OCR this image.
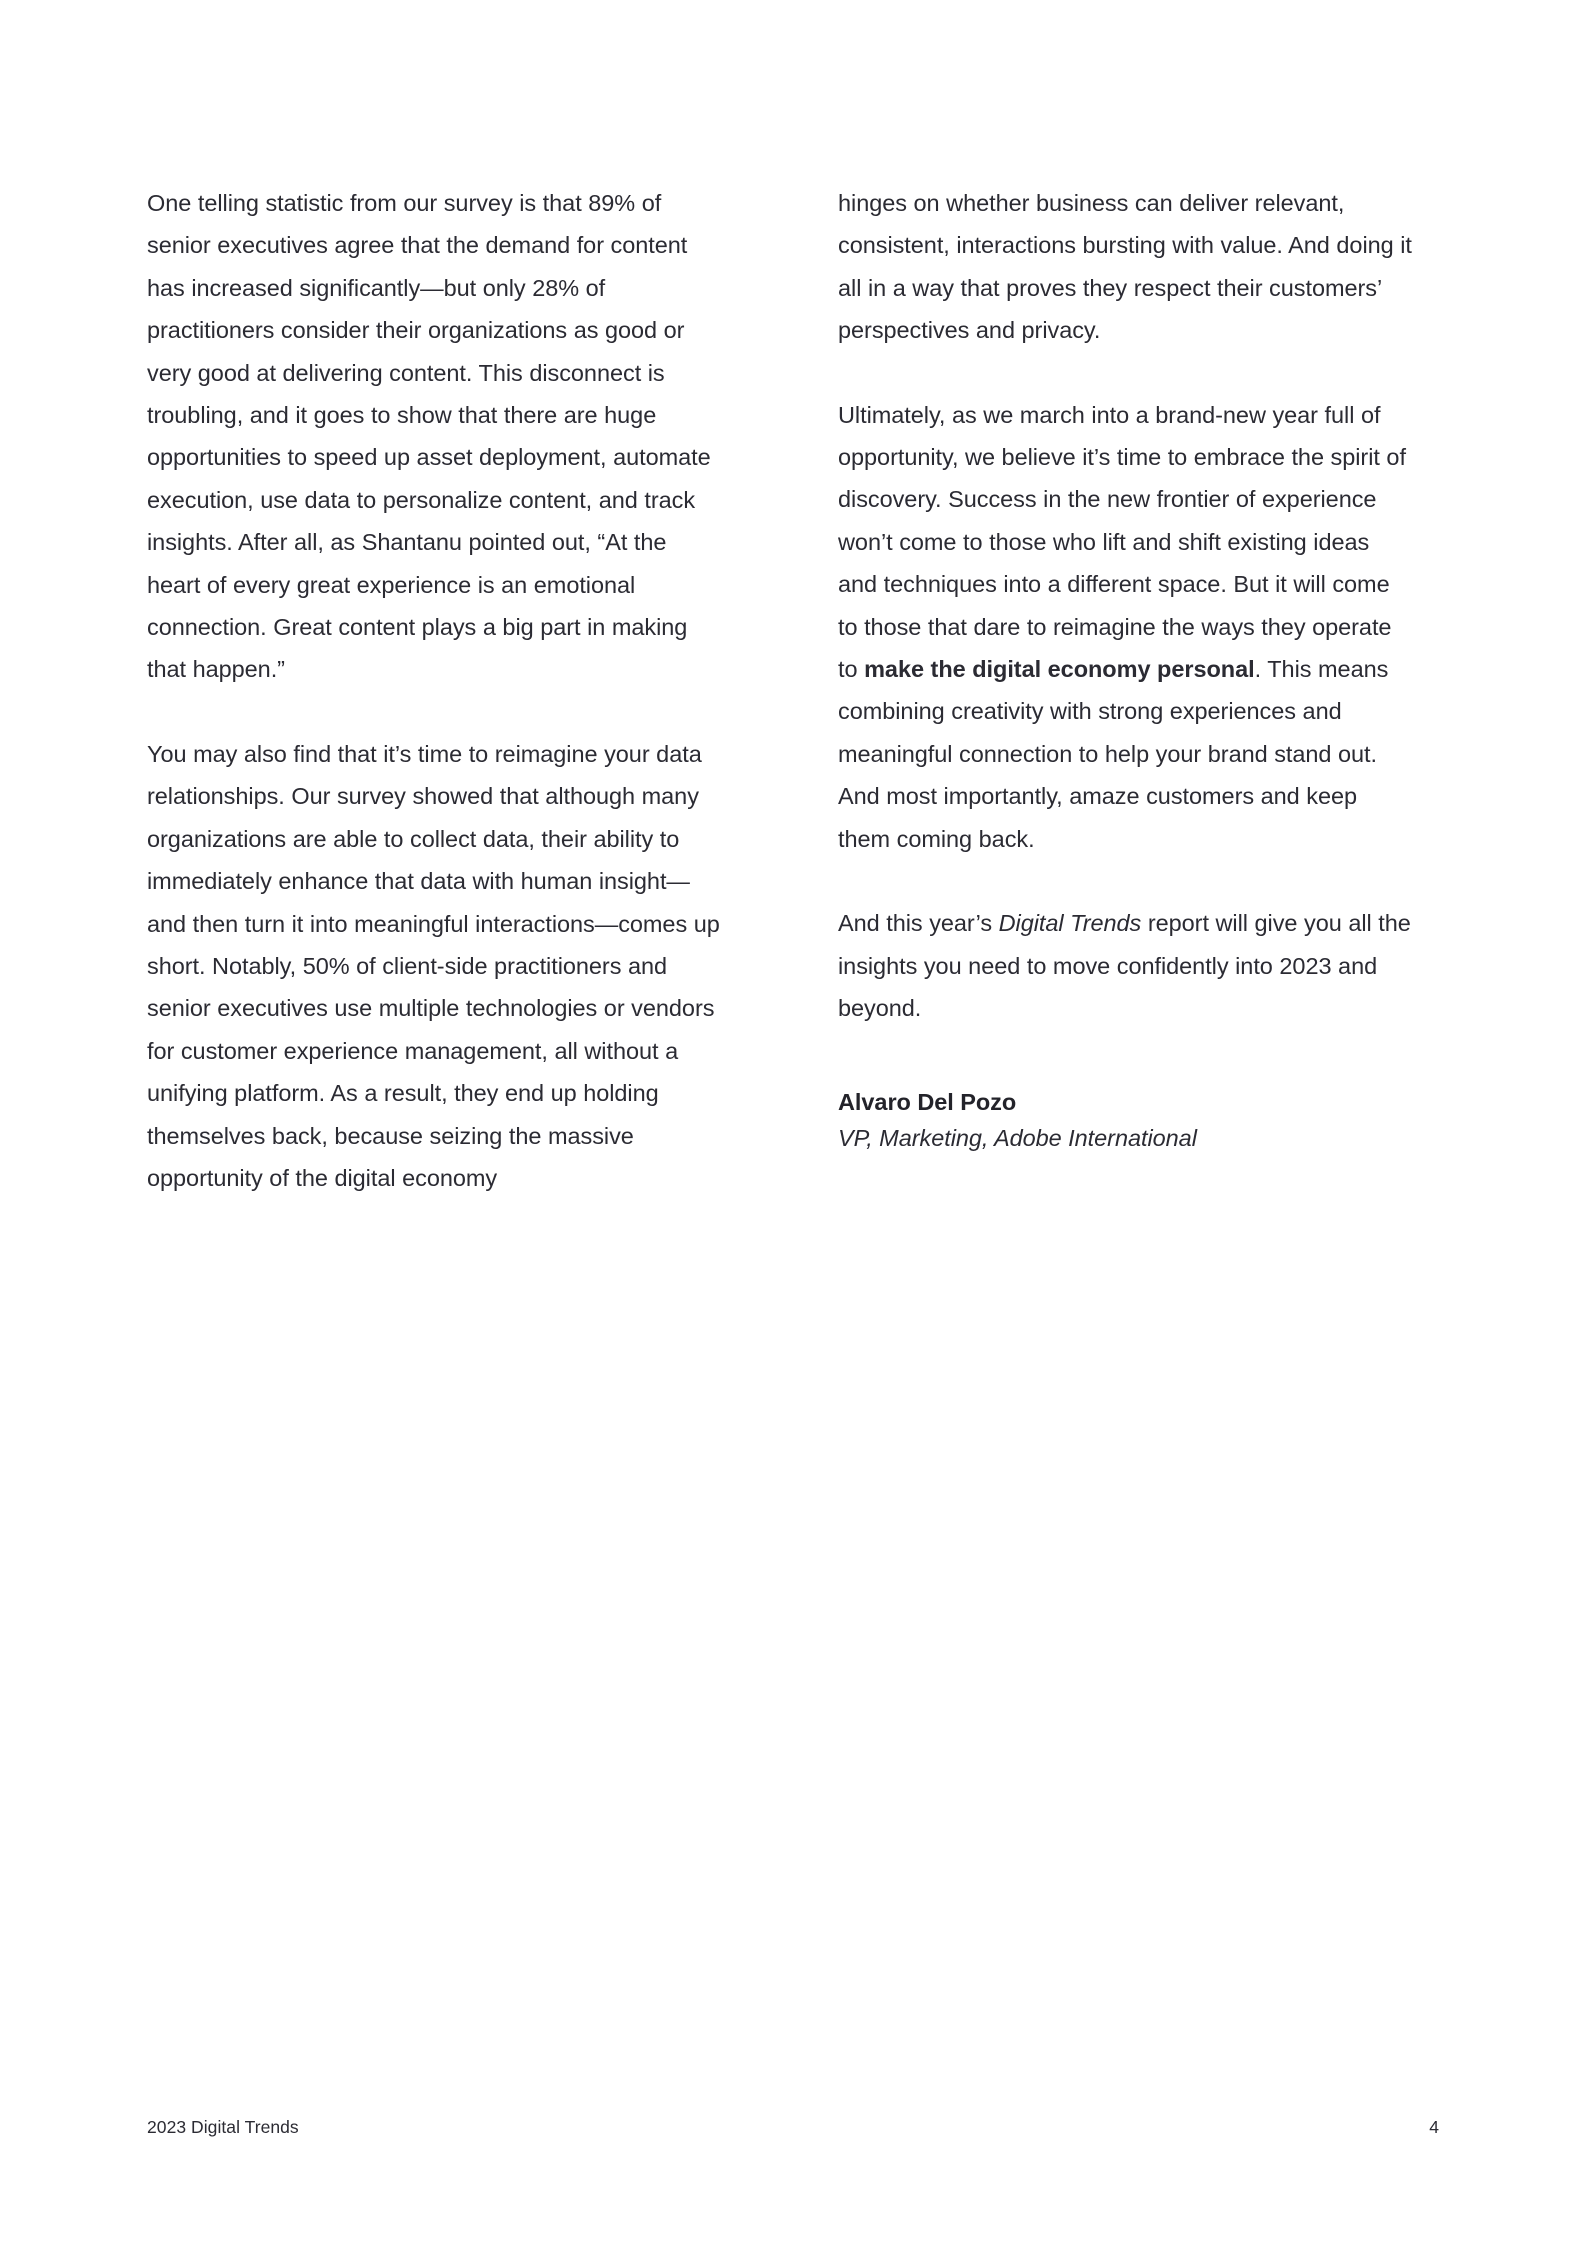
One telling statistic from our survey is that 89% of senior executives agree that the demand for content has increased significantly—but only 28% of practitioners consider their organizations as good or very good at delivering content. This disconnect is troubling, and it goes to show that there are huge opportunities to speed up asset deployment, automate execution, use data to personalize content, and track insights. After all, as Shantanu pointed out, “At the heart of every great experience is an emotional connection. Great content plays a big part in making that happen.”

You may also find that it’s time to reimagine your data relationships. Our survey showed that although many organizations are able to collect data, their ability to immediately enhance that data with human insight—and then turn it into meaningful interactions—comes up short. Notably, 50% of client-side practitioners and senior executives use multiple technologies or vendors for customer experience management, all without a unifying platform. As a result, they end up holding themselves back, because seizing the massive opportunity of the digital economy

hinges on whether business can deliver relevant, consistent, interactions bursting with value. And doing it all in a way that proves they respect their customers’ perspectives and privacy.

Ultimately, as we march into a brand-new year full of opportunity, we believe it’s time to embrace the spirit of discovery. Success in the new frontier of experience won’t come to those who lift and shift existing ideas and techniques into a different space. But it will come to those that dare to reimagine the ways they operate to make the digital economy personal. This means combining creativity with strong experiences and meaningful connection to help your brand stand out. And most importantly, amaze customers and keep them coming back.

And this year’s Digital Trends report will give you all the insights you need to move confidently into 2023 and beyond.

Alvaro Del Pozo
VP, Marketing, Adobe International
2023 Digital Trends	4
